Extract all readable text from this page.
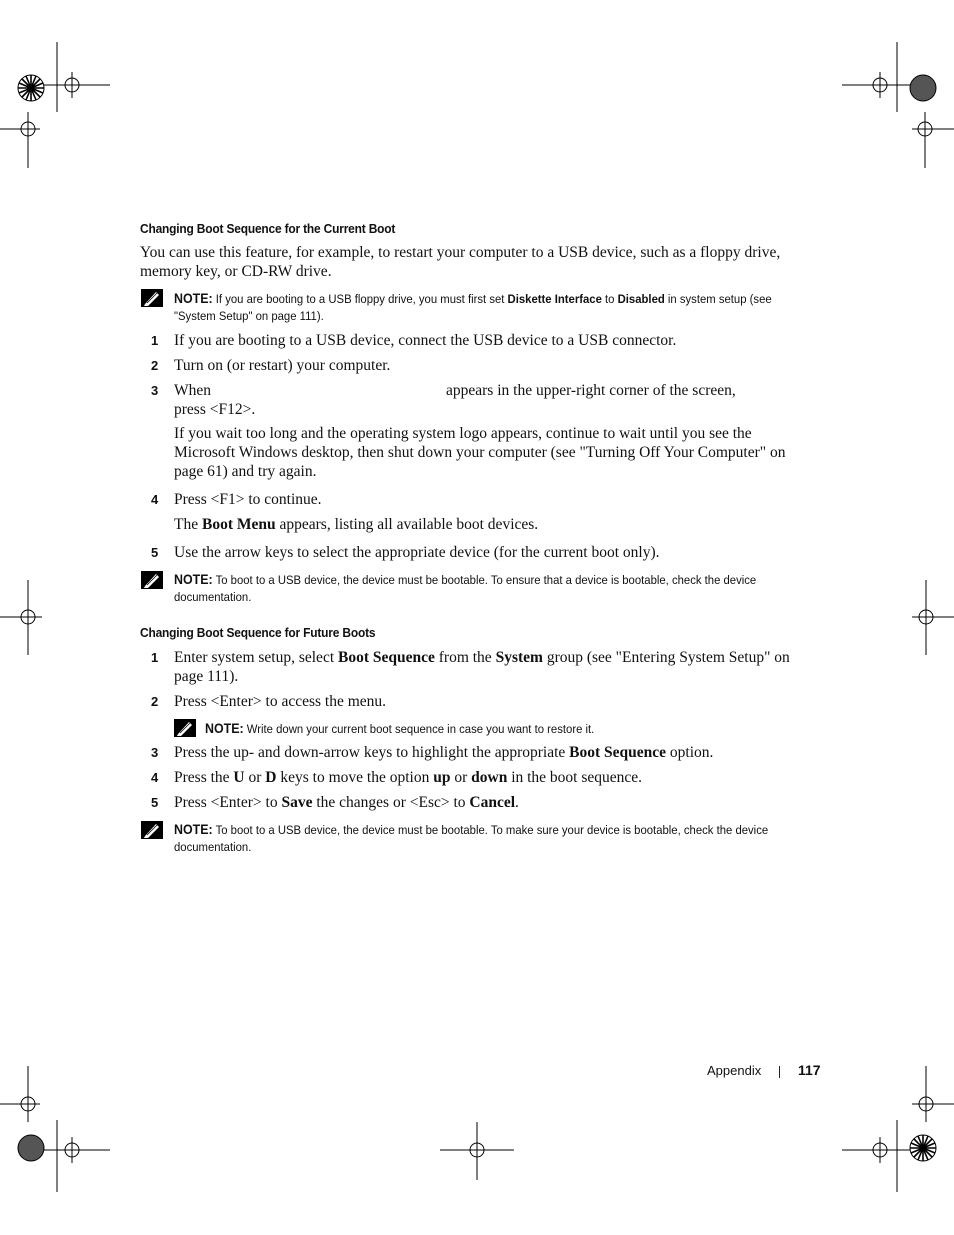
Changing Boot Sequence for the Current Boot

You can use this feature, for example, to restart your computer to a USB device, such as a floppy drive, memory key, or CD-RW drive.

NOTE: If you are booting to a USB floppy drive, you must first set Diskette Interface to Disabled in system setup (see "System Setup" on page 111).

1 If you are booting to a USB device, connect the USB device to a USB connector.

2 Turn on (or restart) your computer.

3 When	appears in the upper-right corner of the screen,
press <F12>.

If you wait too long and the operating system logo appears, continue to wait until you see the Microsoft Windows desktop, then shut down your computer (see "Turning Off Your Computer" on page 61) and try again.

4 Press <F1> to continue.

The Boot Menu appears, listing all available boot devices.

5 Use the arrow keys to select the appropriate device (for the current boot only).

NOTE: To boot to a USB device, the device must be bootable. To ensure that a device is bootable, check the device documentation.

Changing Boot Sequence for Future Boots
1 Enter system setup, select Boot Sequence from the System group (see "Entering System Setup" on page 111).

2 Press <Enter> to access the menu.

NOTE: Write down your current boot sequence in case you want to restore it.

3 Press the up- and down-arrow keys to highlight the appropriate Boot Sequence option.

4 Press the U or D keys to move the option up or down in the boot sequence.

5 Press <Enter> to Save the changes or <Esc> to Cancel.

NOTE: To boot to a USB device, the device must be bootable. To make sure your device is bootable, check the device documentation.

Appendix	117
